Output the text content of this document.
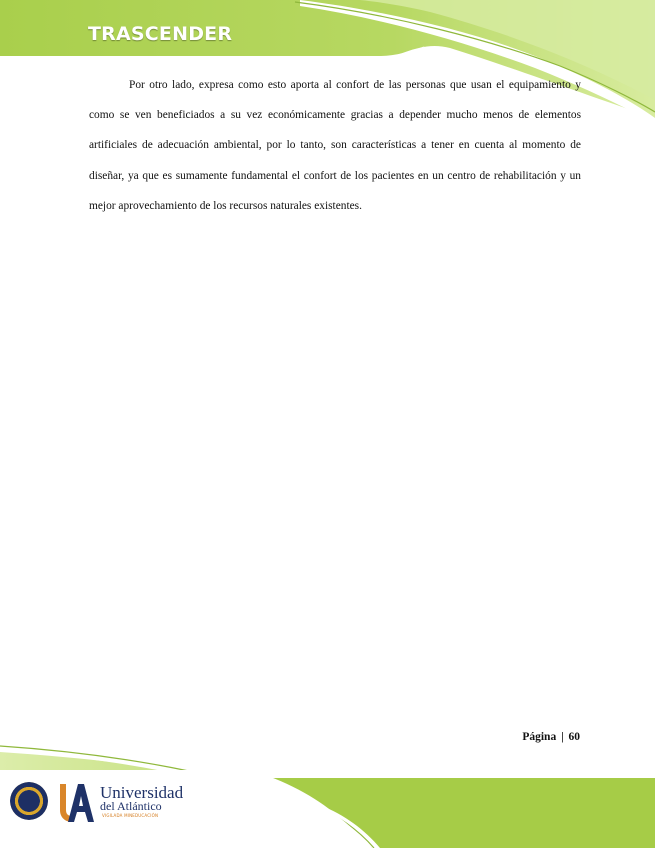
TRASCENDER

Por otro lado, expresa como esto aporta al confort de las personas que usan el equipamiento y como se ven beneficiados a su vez económicamente gracias a depender mucho menos de elementos artificiales de adecuación ambiental, por lo tanto, son características a tener en cuenta al momento de diseñar, ya que es sumamente fundamental el confort de los pacientes en un centro de rehabilitación y un mejor aprovechamiento de los recursos naturales existentes.

Página | 60
Universidad
del Atlántico
VIGILADA MINEDUCACIÓN
